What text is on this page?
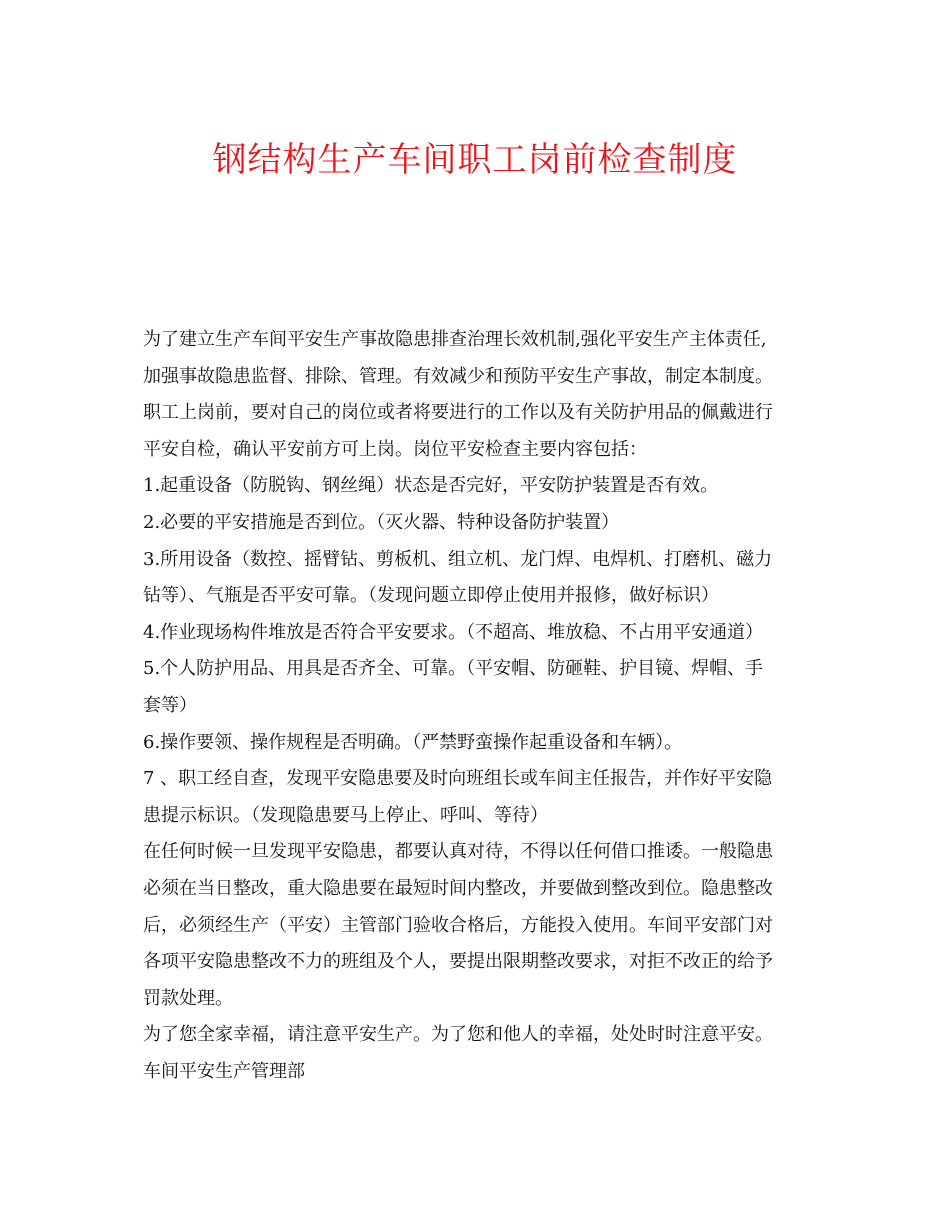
钢结构生产车间职工岗前检查制度
为了建立生产车间平安生产事故隐患排查治理长效机制,强化平安生产主体责任,
加强事故隐患监督、排除、管理。有效减少和预防平安生产事故，制定本制度。
职工上岗前，要对自己的岗位或者将要进行的工作以及有关防护用品的佩戴进行
平安自检，确认平安前方可上岗。岗位平安检查主要内容包括：
1.起重设备（防脱钩、钢丝绳）状态是否完好，平安防护装置是否有效。
2.必要的平安措施是否到位。（灭火器、特种设备防护装置）
3.所用设备（数控、摇臂钻、剪板机、组立机、龙门焊、电焊机、打磨机、磁力
钻等）、气瓶是否平安可靠。（发现问题立即停止使用并报修，做好标识）
4.作业现场构件堆放是否符合平安要求。（不超高、堆放稳、不占用平安通道）
5.个人防护用品、用具是否齐全、可靠。（平安帽、防砸鞋、护目镜、焊帽、手
套等）
6.操作要领、操作规程是否明确。（严禁野蛮操作起重设备和车辆）。
7 、职工经自查，发现平安隐患要及时向班组长或车间主任报告，并作好平安隐
患提示标识。（发现隐患要马上停止、呼叫、等待）
在任何时候一旦发现平安隐患，都要认真对待，不得以任何借口推诿。一般隐患
必须在当日整改，重大隐患要在最短时间内整改，并要做到整改到位。隐患整改
后，必须经生产（平安）主管部门验收合格后，方能投入使用。车间平安部门对
各项平安隐患整改不力的班组及个人，要提出限期整改要求，对拒不改正的给予
罚款处理。
为了您全家幸福，请注意平安生产。为了您和他人的幸福，处处时时注意平安。
车间平安生产管理部
